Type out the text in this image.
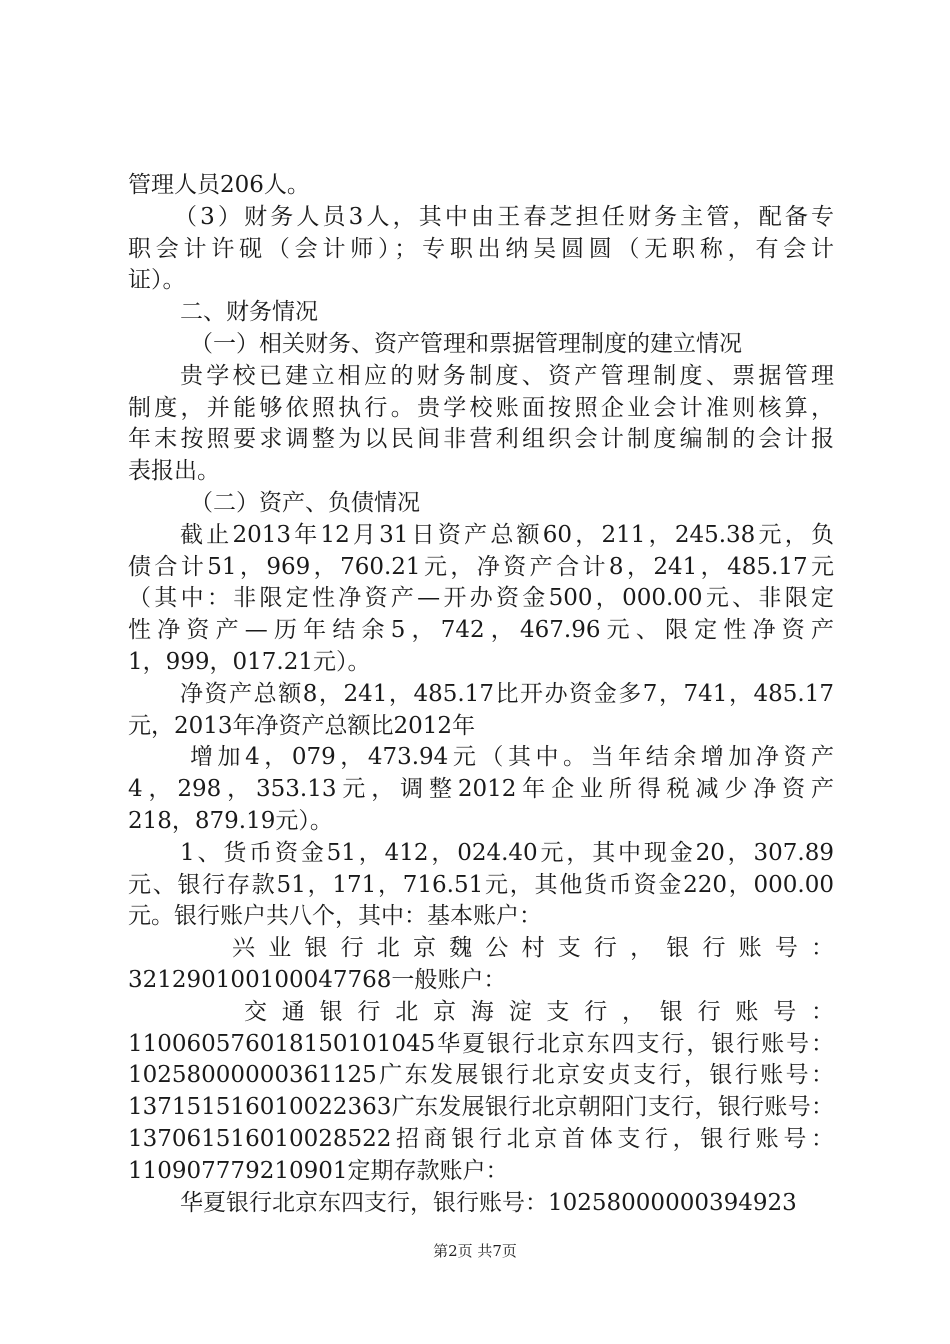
管理人员206人。
（3）财务人员3人，其中由王春芝担任财务主管，配备专
职会计许砚（会计师）；专职出纳吴圆圆（无职称，有会计
证）。
二、财务情况
（一）相关财务、资产管理和票据管理制度的建立情况
贵学校已建立相应的财务制度、资产管理制度、票据管理
制度，并能够依照执行。贵学校账面按照企业会计准则核算，
年末按照要求调整为以民间非营利组织会计制度编制的会计报
表报出。
（二）资产、负债情况
截止2013年12月31日资产总额60，211，245.38元，负
债合计51，969，760.21元，净资产合计8，241，485.17元
（其中：非限定性净资产—开办资金500，000.00元、非限定
性净资产—历年结余5，742，467.96元、限定性净资产
1，999，017.21元）。
净资产总额8，241，485.17比开办资金多7，741，485.17
元，2013年净资产总额比2012年
增加4，079，473.94元（其中。当年结余增加净资产
4，298，353.13元，调整2012年企业所得税减少净资产
218，879.19元）。
1、货币资金51，412，024.40元，其中现金20，307.89
元、银行存款51，171，716.51元，其他货币资金220，000.00
元。银行账户共八个，其中：基本账户：
兴业银行北京魏公村支行，银行账号：
321290100100047768一般账户：
交通银行北京海淀支行，银行账号：
110060576018150101045华夏银行北京东四支行，银行账号：
10258000000361125广东发展银行北京安贞支行，银行账号：
137151516010022363广东发展银行北京朝阳门支行，银行账号：
137061516010028522招商银行北京首体支行，银行账号：
110907779210901定期存款账户：
华夏银行北京东四支行，银行账号：10258000000394923
第2页 共7页
